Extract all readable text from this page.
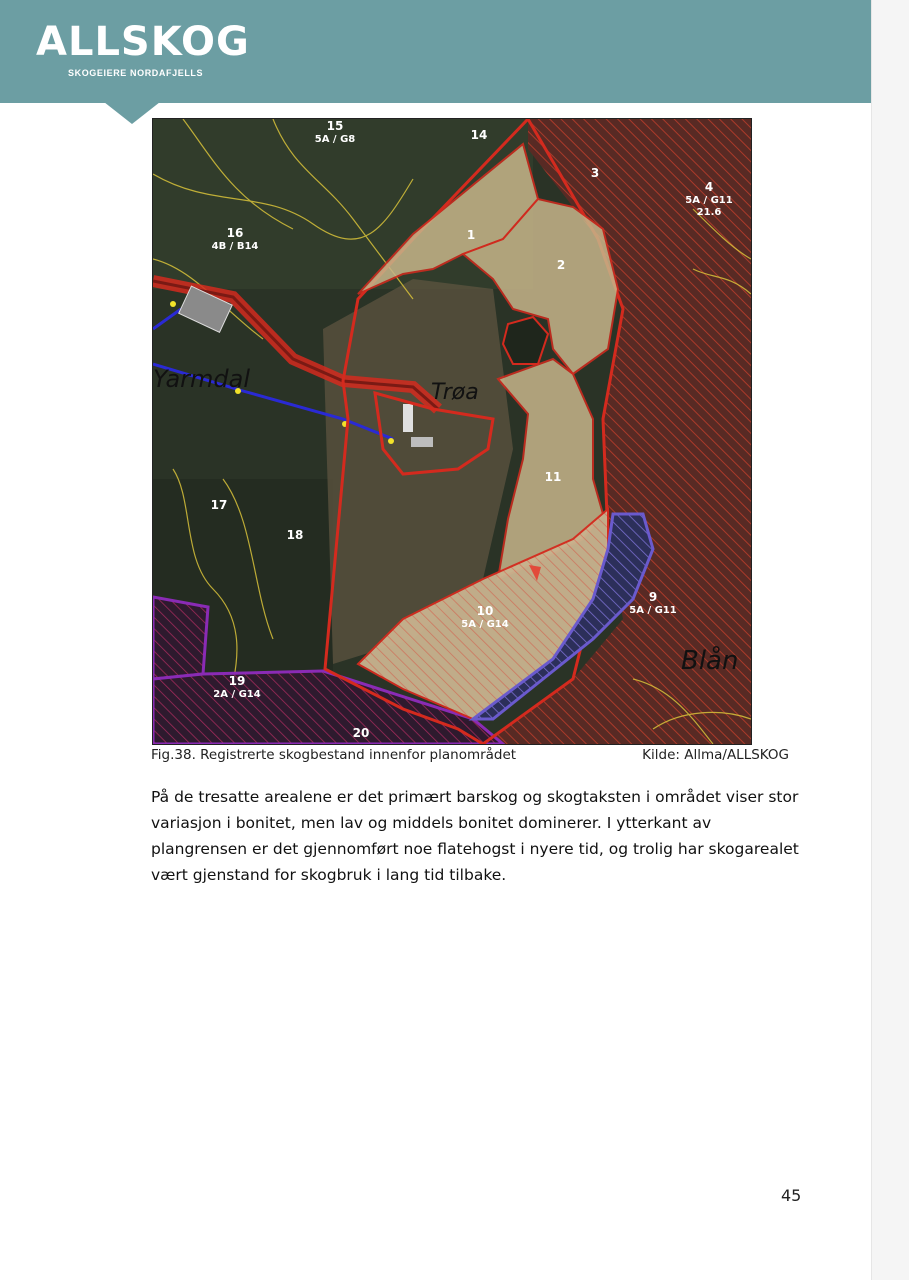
ALLSKOG
SKOGEIERE NORDAFJELLS
15
5A / G8	14
3
4
5A / G11
21.6
16
4B / B14
1
2
11
17
18
10
5A / G14
9
5A / G11
19
2A / G14
20
Yarmdal	Trøa
Blån
Fig.38. Registrerte skogbestand innenfor planområdet	Kilde: Allma/ALLSKOG
På de tresatte arealene er det primært barskog og skogtaksten i området viser stor variasjon i bonitet, men lav og middels bonitet dominerer. I ytterkant av plangrensen er det gjennomført noe flatehogst i nyere tid, og trolig har skogarealet vært gjenstand for skogbruk i lang tid tilbake.
45
